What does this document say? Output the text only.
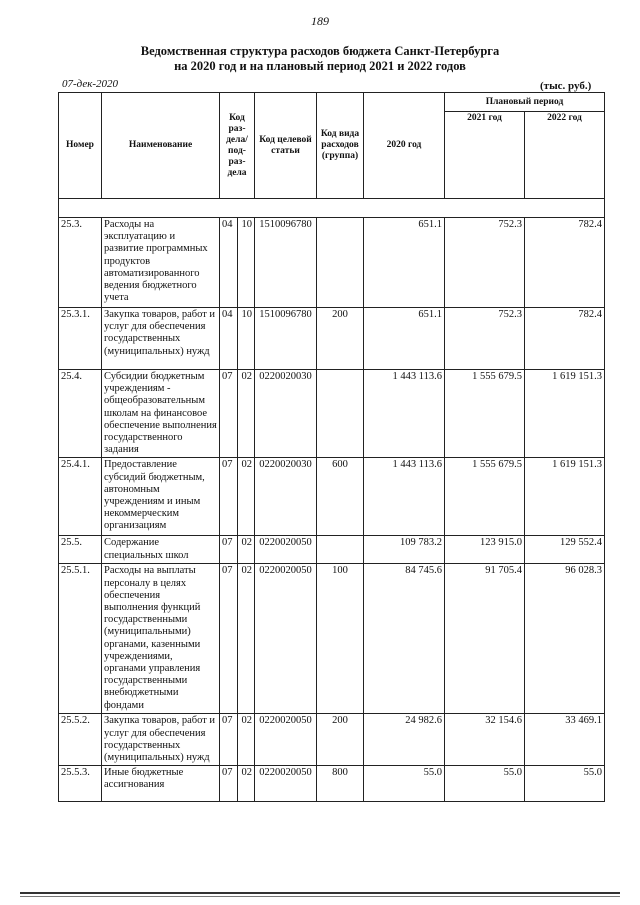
189
Ведомственная структура расходов бюджета Санкт-Петербурга
на 2020 год и на плановый период 2021 и 2022 годов
07-дек-2020	(тыс. руб.)
Номер	Наименование	Код раз-дела/ под-раз-дела		Код целевой статьи	Код вида расходов (группа)	2020 год	Плановый период	
							2021 год	2022 год

25.3.	Расходы на эксплуатацию и развитие программных продуктов автоматизированного ведения бюджетного учета	04	10	1510096780		651.1	752.3	782.4
25.3.1.	Закупка товаров, работ и услуг для обеспечения государственных (муниципальных) нужд	04	10	1510096780	200	651.1	752.3	782.4
25.4.	Субсидии бюджетным учреждениям - общеобразовательным школам на финансовое обеспечение выполнения государственного задания	07	02	0220020030		1 443 113.6	1 555 679.5	1 619 151.3
25.4.1.	Предоставление субсидий бюджетным, автономным учреждениям и иным некоммерческим организациям	07	02	0220020030	600	1 443 113.6	1 555 679.5	1 619 151.3
25.5.	Содержание специальных школ	07	02	0220020050		109 783.2	123 915.0	129 552.4
25.5.1.	Расходы на выплаты персоналу в целях обеспечения выполнения функций государственными (муниципальными) органами, казенными учреждениями, органами управления государственными внебюджетными фондами	07	02	0220020050	100	84 745.6	91 705.4	96 028.3
25.5.2.	Закупка товаров, работ и услуг для обеспечения государственных (муниципальных) нужд	07	02	0220020050	200	24 982.6	32 154.6	33 469.1
25.5.3.	Иные бюджетные ассигнования	07	02	0220020050	800	55.0	55.0	55.0
